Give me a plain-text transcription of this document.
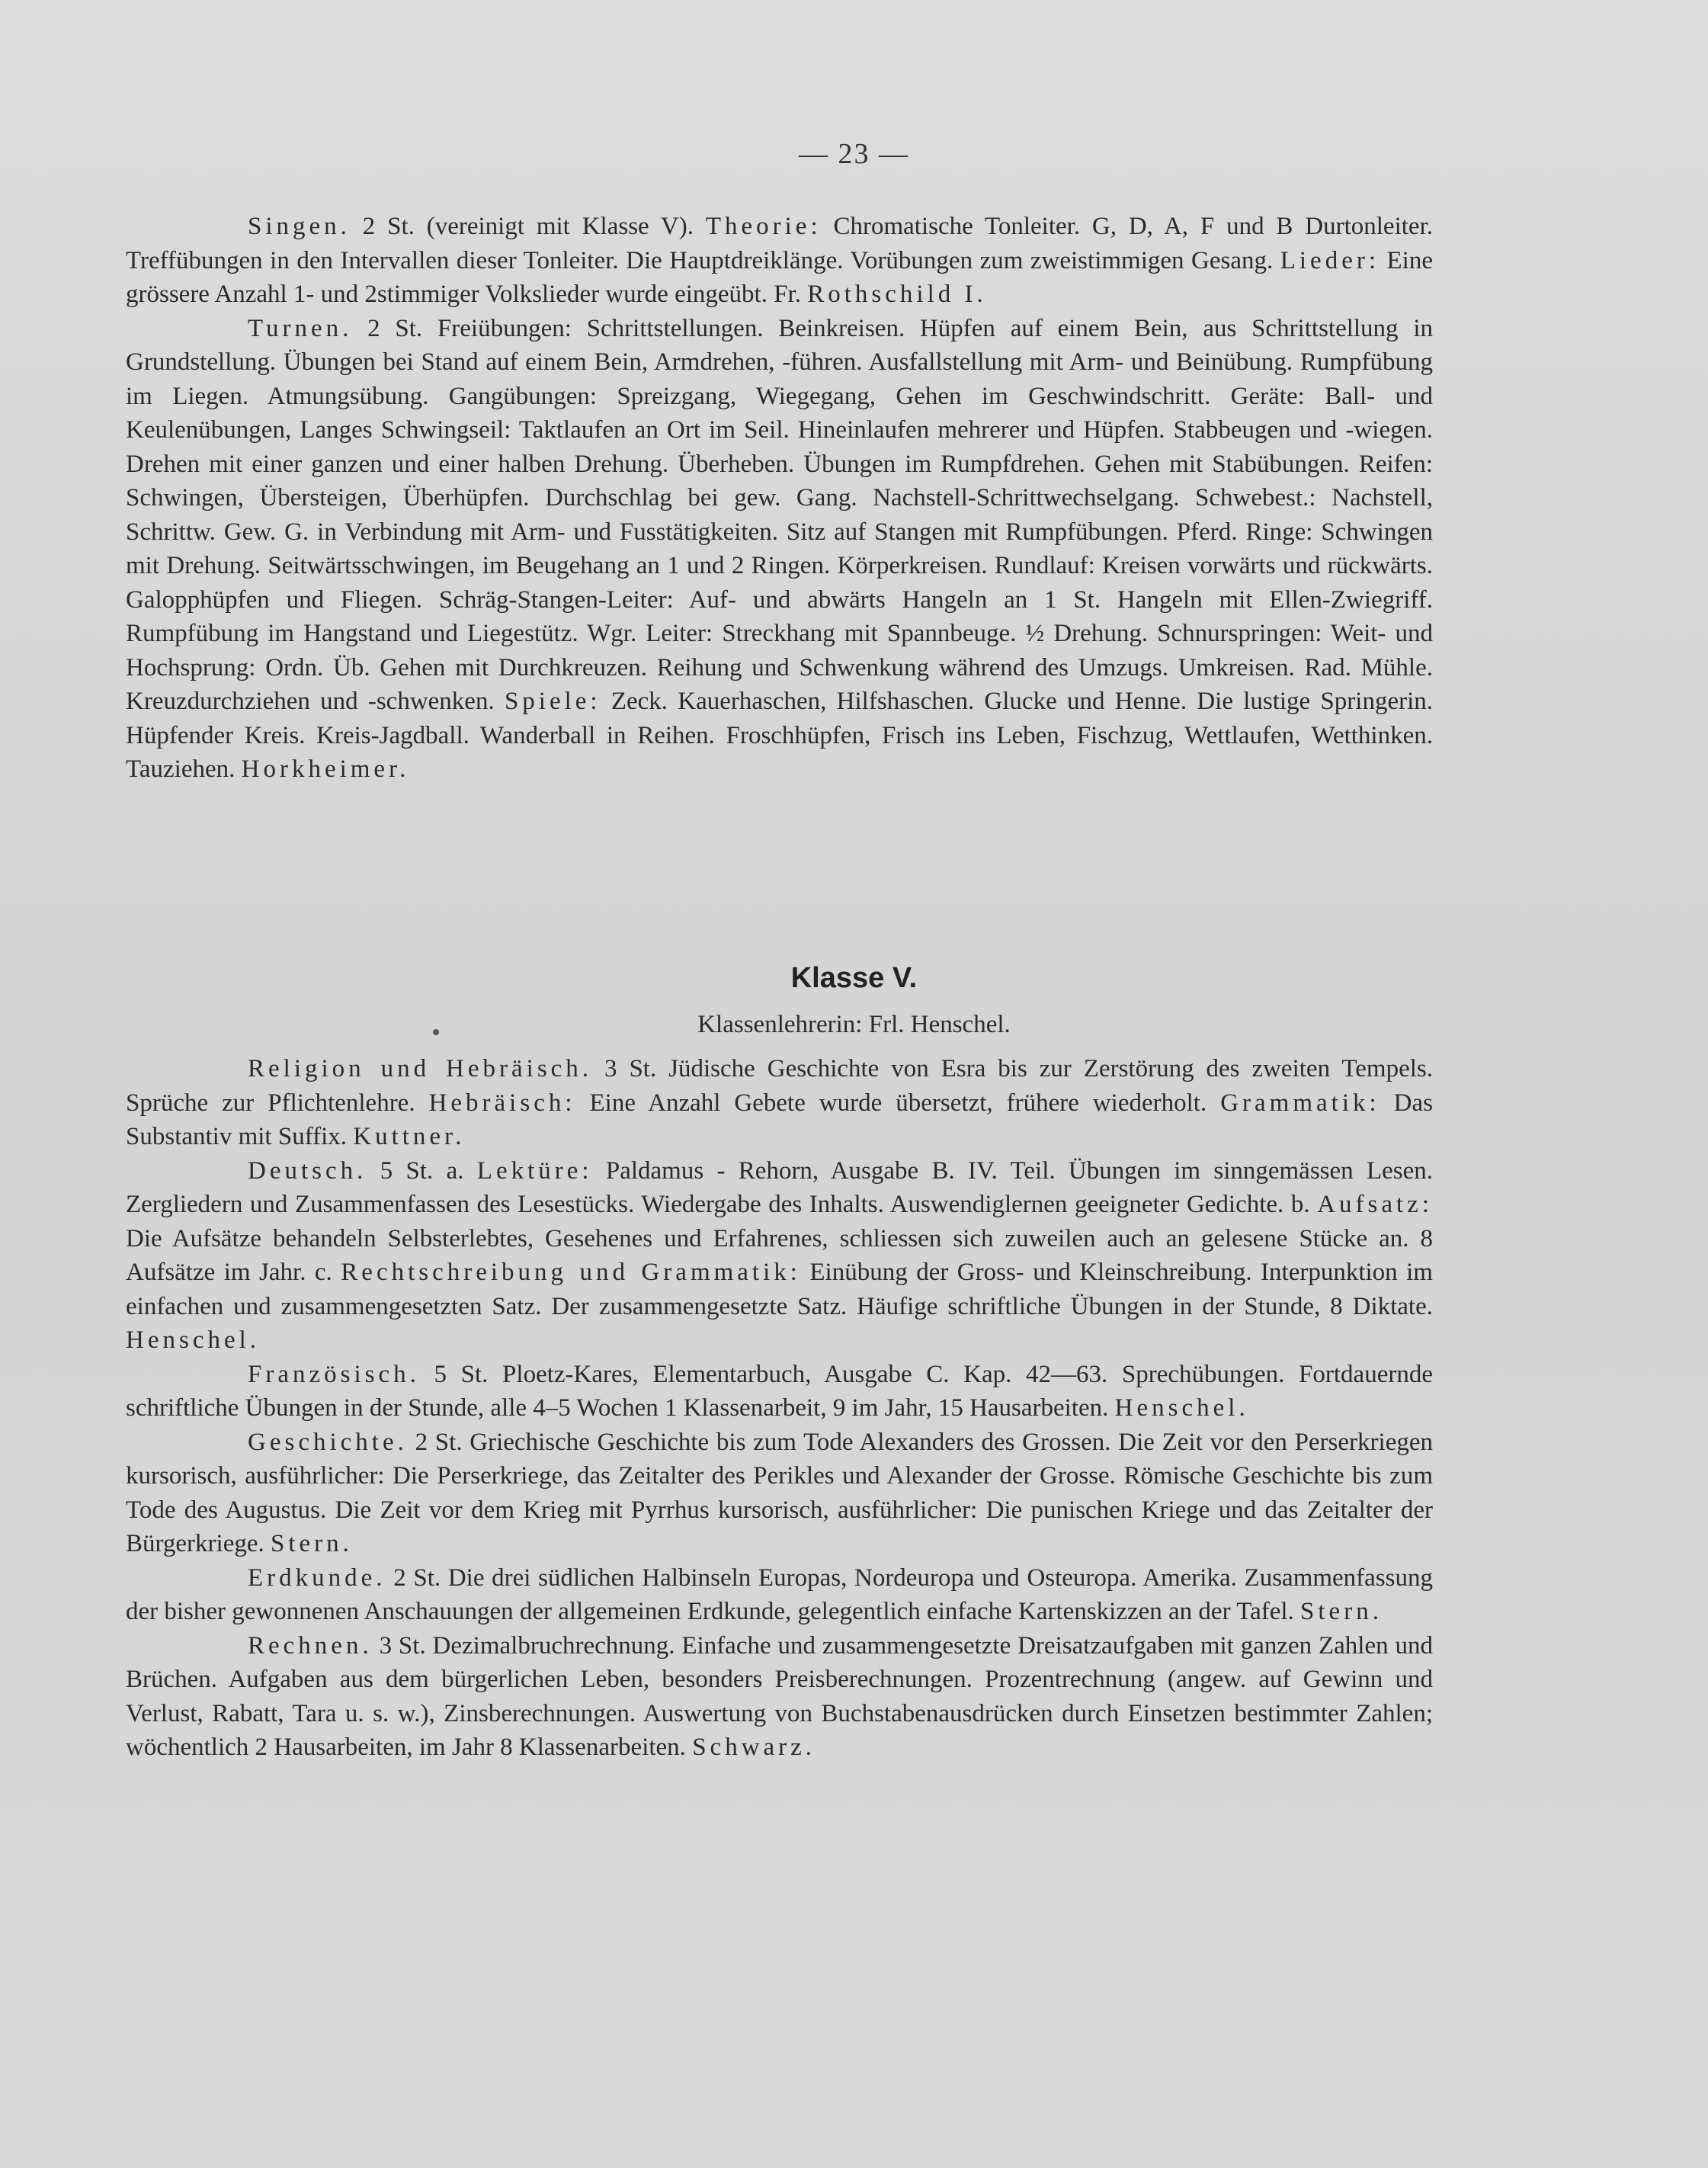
— 23 —

Singen. 2 St. (vereinigt mit Klasse V). Theorie: Chromatische Tonleiter. G, D, A, F und B Durtonleiter. Treffübungen in den Intervallen dieser Tonleiter. Die Hauptdreiklänge. Vorübungen zum zweistimmigen Gesang. Lieder: Eine grössere Anzahl 1- und 2stimmiger Volkslieder wurde eingeübt. Fr. Rothschild I.

Turnen. 2 St. Freiübungen: Schrittstellungen. Beinkreisen. Hüpfen auf einem Bein, aus Schrittstellung in Grundstellung. Übungen bei Stand auf einem Bein, Armdrehen, -führen. Ausfallstellung mit Arm- und Beinübung. Rumpfübung im Liegen. Atmungsübung. Gangübungen: Spreizgang, Wiegegang, Gehen im Geschwindschritt. Geräte: Ball- und Keulenübungen, Langes Schwingseil: Taktlaufen an Ort im Seil. Hineinlaufen mehrerer und Hüpfen. Stabbeugen und -wiegen. Drehen mit einer ganzen und einer halben Drehung. Überheben. Übungen im Rumpfdrehen. Gehen mit Stabübungen. Reifen: Schwingen, Übersteigen, Überhüpfen. Durchschlag bei gew. Gang. Nachstell-Schrittwechselgang. Schwebest.: Nachstell, Schrittw. Gew. G. in Verbindung mit Arm- und Fusstätigkeiten. Sitz auf Stangen mit Rumpfübungen. Pferd. Ringe: Schwingen mit Drehung. Seitwärtsschwingen, im Beugehang an 1 und 2 Ringen. Körperkreisen. Rundlauf: Kreisen vorwärts und rückwärts. Galopphüpfen und Fliegen. Schräg-Stangen-Leiter: Auf- und abwärts Hangeln an 1 St. Hangeln mit Ellen-Zwiegriff. Rumpfübung im Hangstand und Liegestütz. Wgr. Leiter: Streckhang mit Spannbeuge. ½ Drehung. Schnurspringen: Weit- und Hochsprung: Ordn. Üb. Gehen mit Durchkreuzen. Reihung und Schwenkung während des Umzugs. Umkreisen. Rad. Mühle. Kreuzdurchziehen und -schwenken. Spiele: Zeck. Kauerhaschen, Hilfshaschen. Glucke und Henne. Die lustige Springerin. Hüpfender Kreis. Kreis-Jagdball. Wanderball in Reihen. Froschhüpfen, Frisch ins Leben, Fischzug, Wettlaufen, Wetthinken. Tauziehen. Horkheimer.

Klasse V.
Klassenlehrerin: Frl. Henschel.

Religion und Hebräisch. 3 St. Jüdische Geschichte von Esra bis zur Zerstörung des zweiten Tempels. Sprüche zur Pflichtenlehre. Hebräisch: Eine Anzahl Gebete wurde übersetzt, frühere wiederholt. Grammatik: Das Substantiv mit Suffix. Kuttner.

Deutsch. 5 St. a. Lektüre: Paldamus - Rehorn, Ausgabe B. IV. Teil. Übungen im sinngemässen Lesen. Zergliedern und Zusammenfassen des Lesestücks. Wiedergabe des Inhalts. Auswendiglernen geeigneter Gedichte. b. Aufsatz: Die Aufsätze behandeln Selbsterlebtes, Gesehenes und Erfahrenes, schliessen sich zuweilen auch an gelesene Stücke an. 8 Aufsätze im Jahr. c. Rechtschreibung und Grammatik: Einübung der Gross- und Kleinschreibung. Interpunktion im einfachen und zusammengesetzten Satz. Der zusammengesetzte Satz. Häufige schriftliche Übungen in der Stunde, 8 Diktate. Henschel.

Französisch. 5 St. Ploetz-Kares, Elementarbuch, Ausgabe C. Kap. 42—63. Sprechübungen. Fortdauernde schriftliche Übungen in der Stunde, alle 4–5 Wochen 1 Klassenarbeit, 9 im Jahr, 15 Hausarbeiten. Henschel.

Geschichte. 2 St. Griechische Geschichte bis zum Tode Alexanders des Grossen. Die Zeit vor den Perserkriegen kursorisch, ausführlicher: Die Perserkriege, das Zeitalter des Perikles und Alexander der Grosse. Römische Geschichte bis zum Tode des Augustus. Die Zeit vor dem Krieg mit Pyrrhus kursorisch, ausführlicher: Die punischen Kriege und das Zeitalter der Bürgerkriege. Stern.

Erdkunde. 2 St. Die drei südlichen Halbinseln Europas, Nordeuropa und Osteuropa. Amerika. Zusammenfassung der bisher gewonnenen Anschauungen der allgemeinen Erdkunde, gelegentlich einfache Kartenskizzen an der Tafel. Stern.

Rechnen. 3 St. Dezimalbruchrechnung. Einfache und zusammengesetzte Dreisatzaufgaben mit ganzen Zahlen und Brüchen. Aufgaben aus dem bürgerlichen Leben, besonders Preisberechnungen. Prozentrechnung (angew. auf Gewinn und Verlust, Rabatt, Tara u. s. w.), Zinsberechnungen. Auswertung von Buchstabenausdrücken durch Einsetzen bestimmter Zahlen; wöchentlich 2 Hausarbeiten, im Jahr 8 Klassenarbeiten. Schwarz.
